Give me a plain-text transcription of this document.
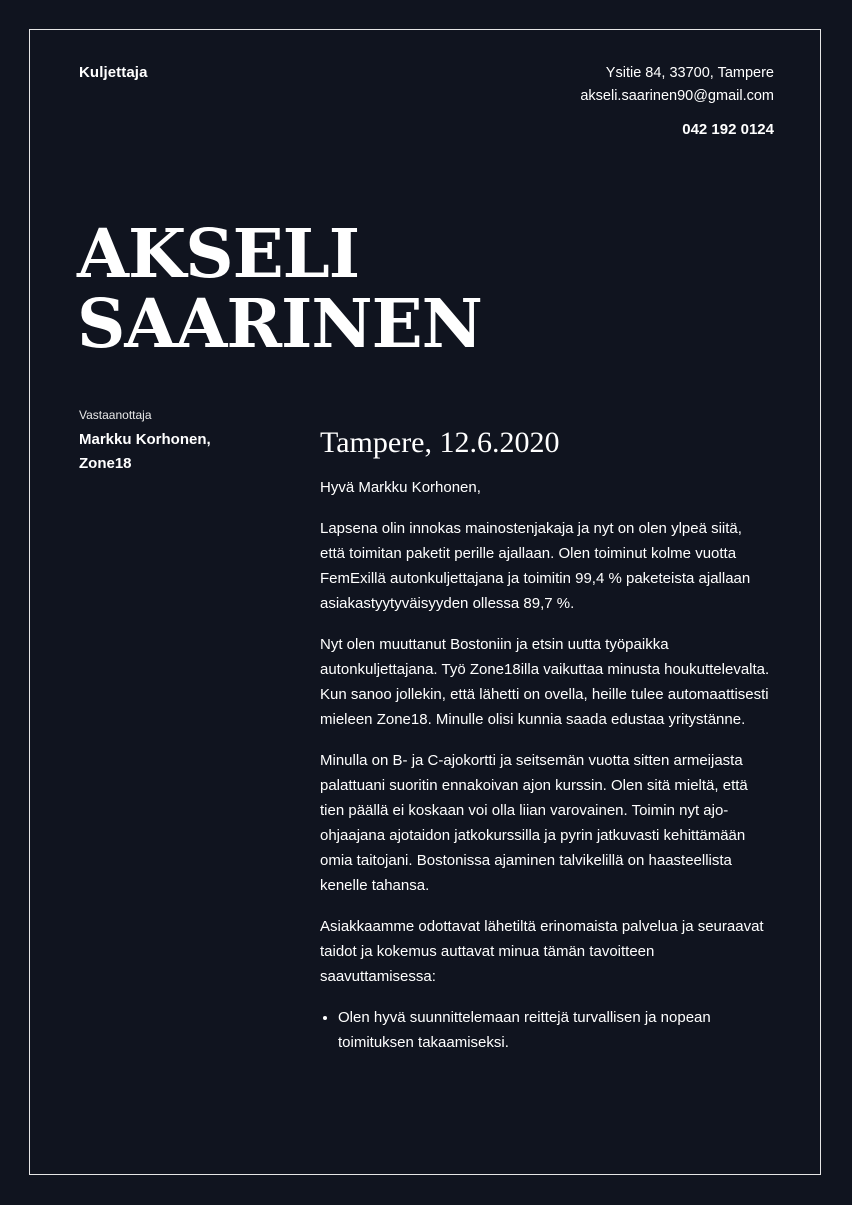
Kuljettaja	Ysitie 84, 33700, Tampere
akseli.saarinen90@gmail.com
042 192 0124
AKSELI
SAARINEN
Vastaanottaja
Markku Korhonen,
Zone18
Tampere, 12.6.2020

Hyvä Markku Korhonen,

Lapsena olin innokas mainostenjakaja ja nyt on olen ylpeä siitä, että toimitan paketit perille ajallaan. Olen toiminut kolme vuotta FemExillä autonkuljettajana ja toimitin 99,4 % paketeista ajallaan asiakastyytyväisyyden ollessa 89,7 %.

Nyt olen muuttanut Bostoniin ja etsin uutta työpaikka autonkuljettajana. Työ Zone18illa vaikuttaa minusta houkuttelevalta. Kun sanoo jollekin, että lähetti on ovella, heille tulee automaattisesti mieleen Zone18. Minulle olisi kunnia saada edustaa yritystänne.

Minulla on B- ja C-ajokortti ja seitsemän vuotta sitten armeijasta palattuani suoritin ennakoivan ajon kurssin. Olen sitä mieltä, että tien päällä ei koskaan voi olla liian varovainen. Toimin nyt ajo-ohjaajana ajotaidon jatkokurssilla ja pyrin jatkuvasti kehittämään omia taitojani. Bostonissa ajaminen talvikelillä on haasteellista kenelle tahansa.

Asiakkaamme odottavat lähetiltä erinomaista palvelua ja seuraavat taidot ja kokemus auttavat minua tämän tavoitteen saavuttamisessa:

• Olen hyvä suunnittelemaan reittejä turvallisen ja nopean toimituksen takaamiseksi.
